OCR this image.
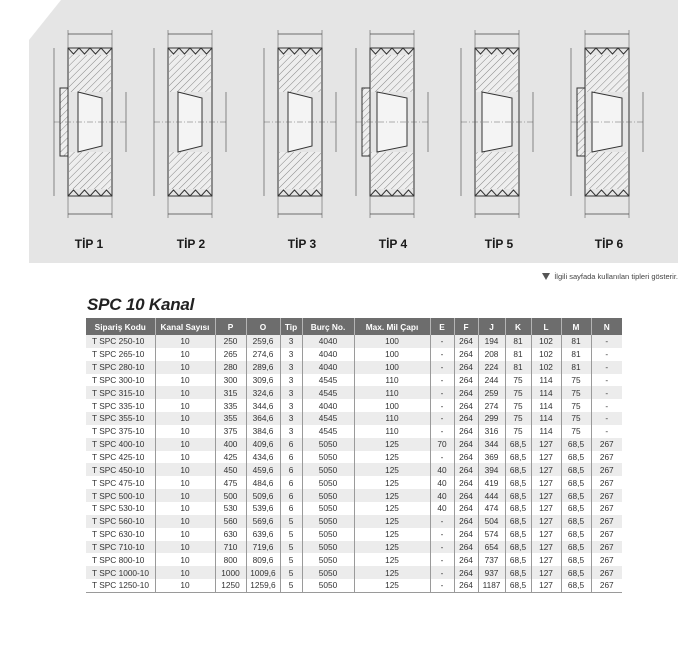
TİP 1	TİP 2	TİP 3	TİP 4	TİP 5	TİP 6
İlgili sayfada kullanılan tipleri gösterir.
SPC 10 Kanal
Sipariş Kodu	Kanal Sayısı	P	O	Tip	Burç No.	Max. Mil Çapı	E	F	J	K	L	M	N
T SPC 250-10	10	250	259,6	3	4040	100	-	264	194	81	102	81	-
T SPC 265-10	10	265	274,6	3	4040	100	-	264	208	81	102	81	-
T SPC 280-10	10	280	289,6	3	4040	100	-	264	224	81	102	81	-
T SPC 300-10	10	300	309,6	3	4545	110	-	264	244	75	114	75	-
T SPC 315-10	10	315	324,6	3	4545	110	-	264	259	75	114	75	-
T SPC 335-10	10	335	344,6	3	4040	100	-	264	274	75	114	75	-
T SPC 355-10	10	355	364,6	3	4545	110	-	264	299	75	114	75	-
T SPC 375-10	10	375	384,6	3	4545	110	-	264	316	75	114	75	-
T SPC 400-10	10	400	409,6	6	5050	125	70	264	344	68,5	127	68,5	267
T SPC 425-10	10	425	434,6	6	5050	125	-	264	369	68,5	127	68,5	267
T SPC 450-10	10	450	459,6	6	5050	125	40	264	394	68,5	127	68,5	267
T SPC 475-10	10	475	484,6	6	5050	125	40	264	419	68,5	127	68,5	267
T SPC 500-10	10	500	509,6	6	5050	125	40	264	444	68,5	127	68,5	267
T SPC 530-10	10	530	539,6	6	5050	125	40	264	474	68,5	127	68,5	267
T SPC 560-10	10	560	569,6	5	5050	125	-	264	504	68,5	127	68,5	267
T SPC 630-10	10	630	639,6	5	5050	125	-	264	574	68,5	127	68,5	267
T SPC 710-10	10	710	719,6	5	5050	125	-	264	654	68,5	127	68,5	267
T SPC 800-10	10	800	809,6	5	5050	125	-	264	737	68,5	127	68,5	267
T SPC 1000-10	10	1000	1009,6	5	5050	125	-	264	937	68,5	127	68,5	267
T SPC 1250-10	10	1250	1259,6	5	5050	125	-	264	1187	68,5	127	68,5	267
